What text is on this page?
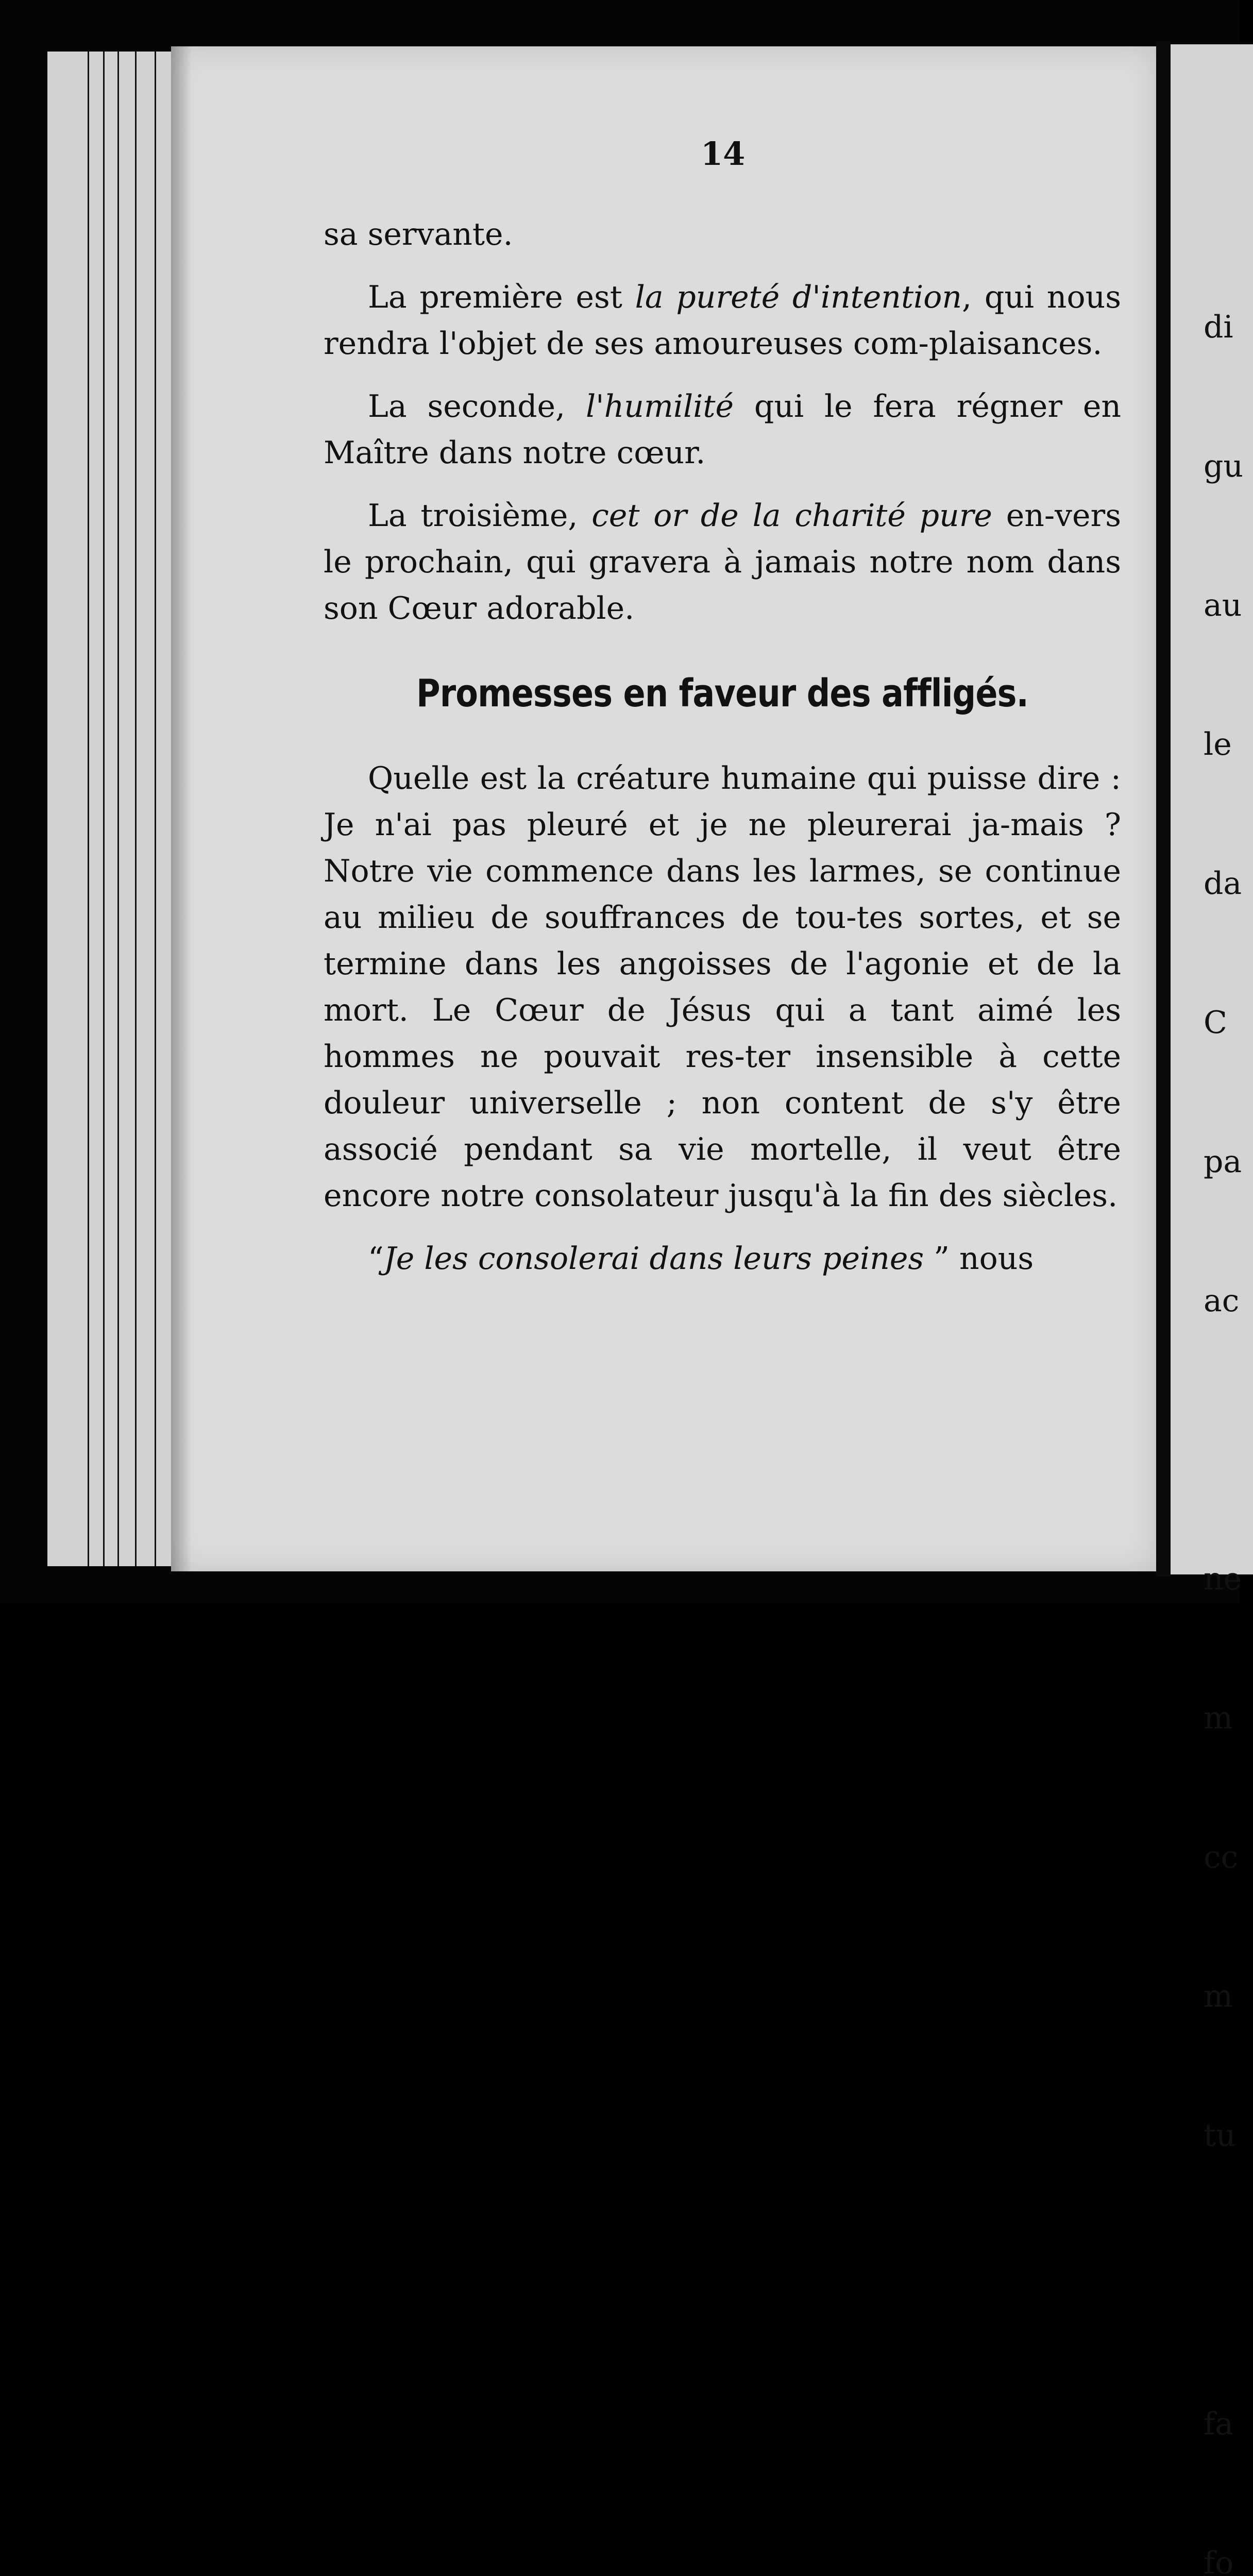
14

sa servante.

La première est la pureté d'intention, qui nous rendra l'objet de ses amoureuses com-plaisances.

La seconde, l'humilité qui le fera régner en Maître dans notre cœur.

La troisième, cet or de la charité pure en-vers le prochain, qui gravera à jamais notre nom dans son Cœur adorable.

Promesses en faveur des affligés.

Quelle est la créature humaine qui puisse dire : Je n'ai pas pleuré et je ne pleurerai ja-mais ? Notre vie commence dans les larmes, se continue au milieu de souffrances de tou-tes sortes, et se termine dans les angoisses de l'agonie et de la mort. Le Cœur de Jésus qui a tant aimé les hommes ne pouvait res-ter insensible à cette douleur universelle ; non content de s'y être associé pendant sa vie mortelle, il veut être encore notre consolateur jusqu'à la fin des siècles.

“Je les consolerai dans leurs peines ” nous

di

gu

au

le

da

C

pa

ac

ne

m

cc

m

tu

fa

fo
